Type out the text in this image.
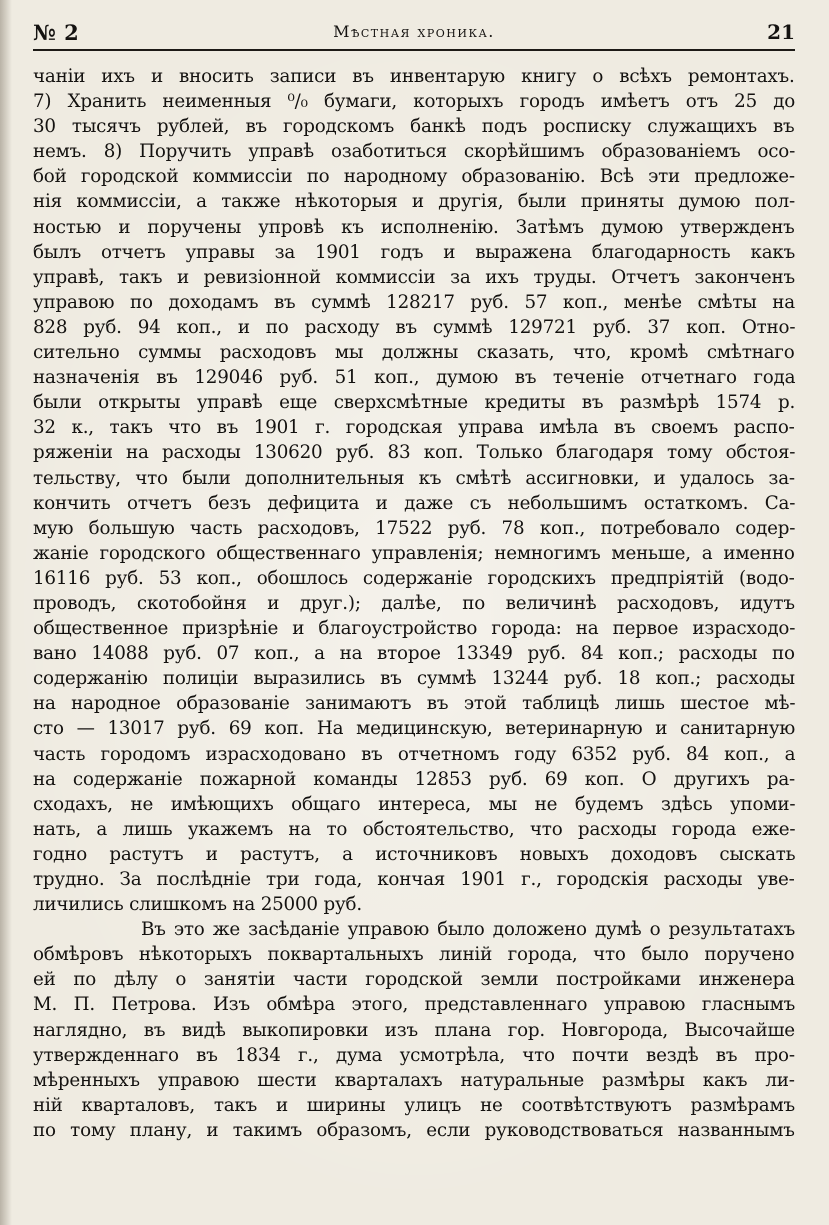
№ 2	Мѣстная хроника.	21
чаніи ихъ и вносить записи въ инвентарую книгу о всѣхъ ремонтахъ.
7) Хранить неименныя ⁰/₀ бумаги, которыхъ городъ имѣетъ отъ 25 до
30 тысячъ рублей, въ городскомъ банкѣ подъ росписку служащихъ въ
немъ. 8) Поручить управѣ озаботиться скорѣйшимъ образованіемъ осо-
бой городской коммиссіи по народному образованію. Всѣ эти предложе-
нія коммиссіи, а также нѣкоторыя и другія, были приняты думою пол-
ностью и поручены упровѣ къ исполненію. Затѣмъ думою утвержденъ
былъ отчетъ управы за 1901 годъ и выражена благодарность какъ
управѣ, такъ и ревизіонной коммиссіи за ихъ труды. Отчетъ законченъ
управою по доходамъ въ суммѣ 128217 руб. 57 коп., менѣе смѣты на
828 руб. 94 коп., и по расходу въ суммѣ 129721 руб. 37 коп. Отно-
сительно суммы расходовъ мы должны сказать, что, кромѣ смѣтнаго
назначенія въ 129046 руб. 51 коп., думою въ теченіе отчетнаго года
были открыты управѣ еще сверхсмѣтные кредиты въ размѣрѣ 1574 р.
32 к., такъ что въ 1901 г. городская управа имѣла въ своемъ распо-
ряженіи на расходы 130620 руб. 83 коп. Только благодаря тому обстоя-
тельству, что были дополнительныя къ смѣтѣ ассигновки, и удалось за-
кончить отчетъ безъ дефицита и даже съ небольшимъ остаткомъ. Са-
мую большую часть расходовъ, 17522 руб. 78 коп., потребовало содер-
жаніе городского общественнаго управленія; немногимъ меньше, а именно
16116 руб. 53 коп., обошлось содержаніе городскихъ предпріятій (водо-
проводъ, скотобойня и друг.); далѣе, по величинѣ расходовъ, идутъ
общественное призрѣніе и благоустройство города: на первое израсходо-
вано 14088 руб. 07 коп., а на второе 13349 руб. 84 коп.; расходы по
содержанію полиціи выразились въ суммѣ 13244 руб. 18 коп.; расходы
на народное образованіе занимаютъ въ этой таблицѣ лишь шестое мѣ-
сто — 13017 руб. 69 коп. На медицинскую, ветеринарную и санитарную
часть городомъ израсходовано въ отчетномъ году 6352 руб. 84 коп., а
на содержаніе пожарной команды 12853 руб. 69 коп. О другихъ ра-
сходахъ, не имѣющихъ общаго интереса, мы не будемъ здѣсь упоми-
нать, а лишь укажемъ на то обстоятельство, что расходы города еже-
годно растутъ и растутъ, а источниковъ новыхъ доходовъ сыскать
трудно. За послѣдніе три года, кончая 1901 г., городскія расходы уве-
личились слишкомъ на 25000 руб.
Въ это же засѣданіе управою было доложено думѣ о результатахъ
обмѣровъ нѣкоторыхъ поквартальныхъ линій города, что было поручено
ей по дѣлу о занятіи части городской земли постройками инженера
М. П. Петрова. Изъ обмѣра этого, представленнаго управою гласнымъ
наглядно, въ видѣ выкопировки изъ плана гор. Новгорода, Высочайше
утвержденнаго въ 1834 г., дума усмотрѣла, что почти вездѣ въ про-
мѣренныхъ управою шести кварталахъ натуральные размѣры какъ ли-
ній кварталовъ, такъ и ширины улицъ не соотвѣтствуютъ размѣрамъ
по тому плану, и такимъ образомъ, если руководствоваться названнымъ
